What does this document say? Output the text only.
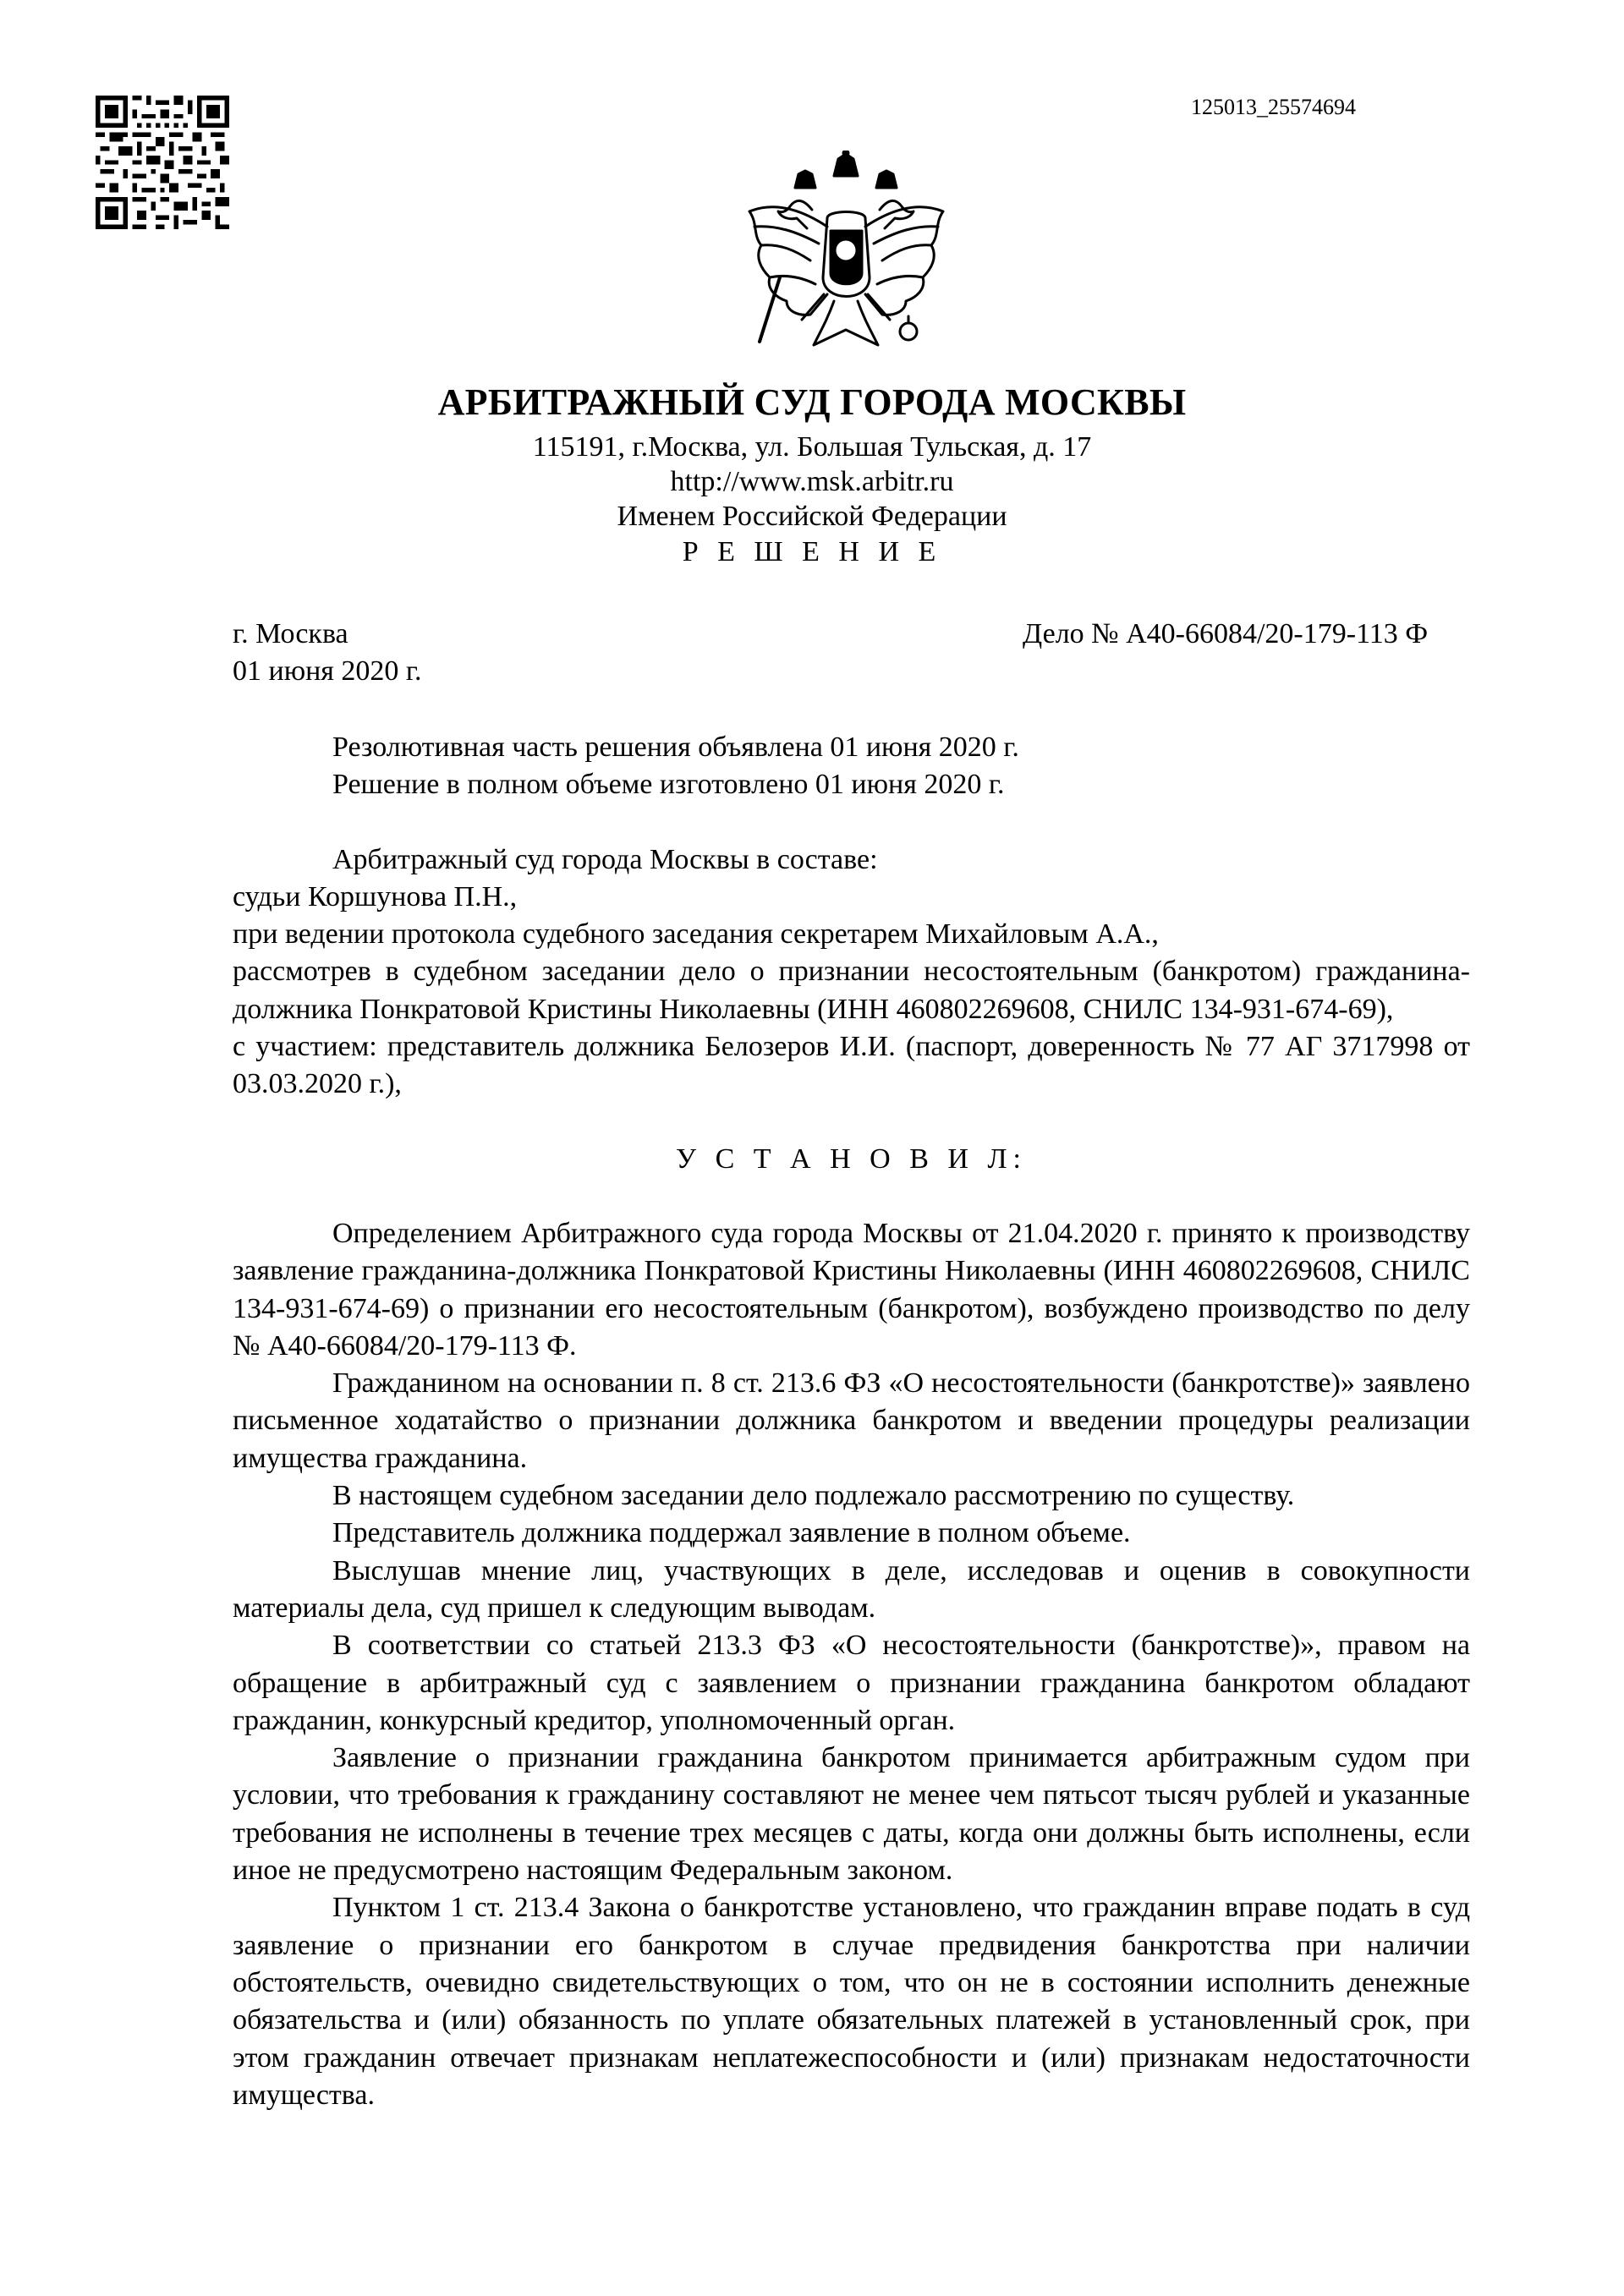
125013_25574694
АРБИТРАЖНЫЙ СУД ГОРОДА МОСКВЫ
115191, г.Москва, ул. Большая Тульская, д. 17
http://www.msk.arbitr.ru
Именем Российской Федерации
Р Е Ш Е Н И Е
г. Москва
01 июня 2020 г.
Дело № А40-66084/20-179-113 Ф

Резолютивная часть решения объявлена 01 июня 2020 г.

Решение в полном объеме изготовлено 01 июня 2020 г.

Арбитражный суд города Москвы в составе:

судьи Коршунова П.Н.,

при ведении протокола судебного заседания секретарем Михайловым А.А.,

рассмотрев в судебном заседании дело о признании несостоятельным (банкротом) гражданина-должника Понкратовой Кристины Николаевны (ИНН 460802269608, СНИЛС 134-931-674-69),

с участием: представитель должника Белозеров И.И. (паспорт, доверенность № 77 АГ 3717998 от 03.03.2020 г.),

У С Т А Н О В И Л:

Определением Арбитражного суда города Москвы от 21.04.2020 г. принято к производству заявление гражданина-должника Понкратовой Кристины Николаевны (ИНН 460802269608, СНИЛС 134-931-674-69) о признании его несостоятельным (банкротом), возбуждено производство по делу № А40-66084/20-179-113 Ф.

Гражданином на основании п. 8 ст. 213.6 ФЗ «О несостоятельности (банкротстве)» заявлено письменное ходатайство о признании должника банкротом и введении процедуры реализации имущества гражданина.

В настоящем судебном заседании дело подлежало рассмотрению по существу.

Представитель должника поддержал заявление в полном объеме.

Выслушав мнение лиц, участвующих в деле, исследовав и оценив в совокупности материалы дела, суд пришел к следующим выводам.

В соответствии со статьей 213.3 ФЗ «О несостоятельности (банкротстве)», правом на обращение в арбитражный суд с заявлением о признании гражданина банкротом обладают гражданин, конкурсный кредитор, уполномоченный орган.

Заявление о признании гражданина банкротом принимается арбитражным судом при условии, что требования к гражданину составляют не менее чем пятьсот тысяч рублей и указанные требования не исполнены в течение трех месяцев с даты, когда они должны быть исполнены, если иное не предусмотрено настоящим Федеральным законом.

Пунктом 1 ст. 213.4 Закона о банкротстве установлено, что гражданин вправе подать в суд заявление о признании его банкротом в случае предвидения банкротства при наличии обстоятельств, очевидно свидетельствующих о том, что он не в состоянии исполнить денежные обязательства и (или) обязанность по уплате обязательных платежей в установленный срок, при этом гражданин отвечает признакам неплатежеспособности и (или) признакам недостаточности имущества.
